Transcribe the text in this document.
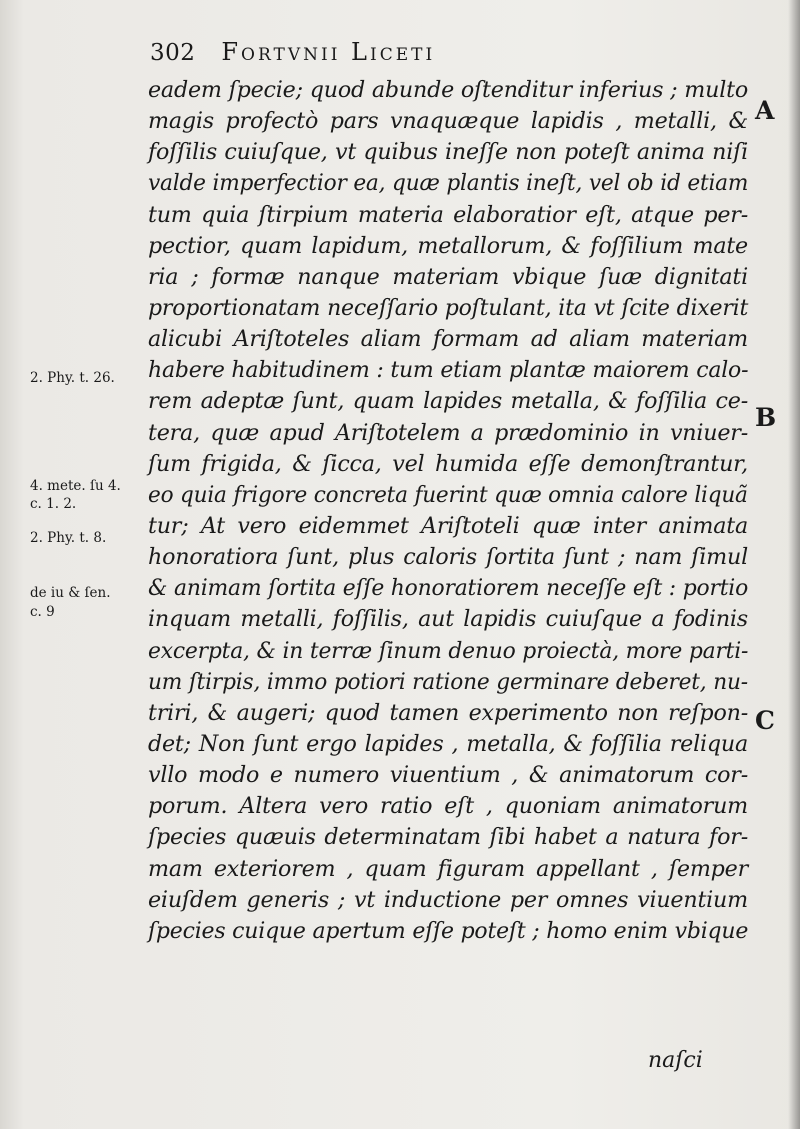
302 Fortvnii Liceti
eadem ſpecie; quod abunde oſtenditur inferius ; multo
magis profectò pars vnaquæque lapidis , metalli, &
foſſilis cuiuſque, vt quibus ineſſe non poteſt anima niſi
valde imperfectior ea, quæ plantis ineſt, vel ob id etiam
tum quia ſtirpium materia elaboratior eſt, atque per-
pectior, quam lapidum, metallorum, & foſſilium mate
ria ; formæ nanque materiam vbique ſuæ dignitati
proportionatam neceſſario poſtulant, ita vt ſcite dixerit
alicubi Ariſtoteles aliam formam ad aliam materiam
habere habitudinem : tum etiam plantæ maiorem calo-
rem adeptæ ſunt, quam lapides metalla, & foſſilia ce-
tera, quæ apud Ariſtotelem a prædominio in vniuer-
ſum frigida, & ſicca, vel humida eſſe demonſtrantur,
eo quia frigore concreta fuerint quæ omnia calore liquã
tur; At vero eidemmet Ariſtoteli quæ inter animata
honoratiora ſunt, plus caloris ſortita ſunt ; nam ſimul
& animam ſortita eſſe honoratiorem neceſſe eſt : portio
inquam metalli, foſſilis, aut lapidis cuiuſque a fodinis
excerpta, & in terræ ſinum denuo proiectà, more parti-
um ſtirpis, immo potiori ratione germinare deberet, nu-
triri, & augeri; quod tamen experimento non reſpon-
det; Non ſunt ergo lapides , metalla, & foſſilia reliqua
vllo modo e numero viuentium , & animatorum cor-
porum. Altera vero ratio eſt , quoniam animatorum
ſpecies quæuis determinatam ſibi habet a natura for-
mam exteriorem , quam figuram appellant , ſemper
eiuſdem generis ; vt inductione per omnes viuentium
ſpecies cuique apertum eſſe poteſt ; homo enim vbique
naſci
2. Phy. t. 26.
4. mete. ſu 4.
c. 1. 2.
2. Phy. t. 8.
de iu & ſen.
c. 9
A
B
C
